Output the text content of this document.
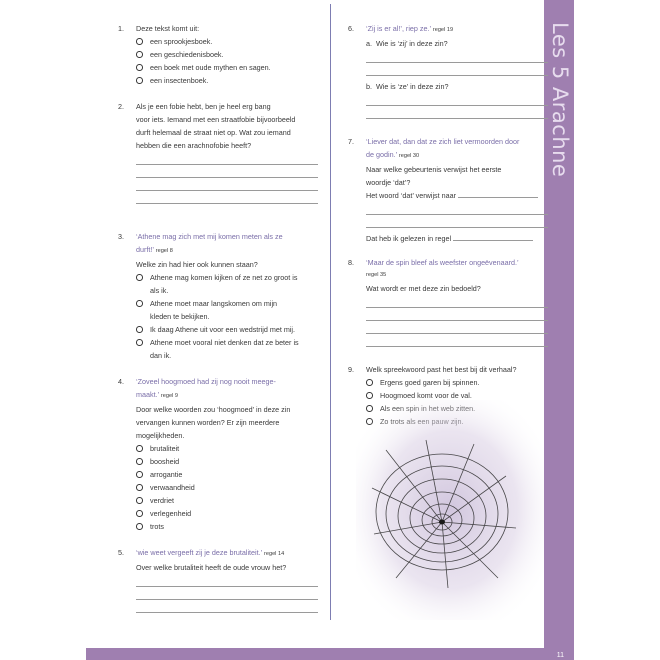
Les 5 Arachne
11
1. Deze tekst komt uit:
een sprookjesboek.
een geschiedenisboek.
een boek met oude mythen en sagen.
een insectenboek.
2. Als je een fobie hebt, ben je heel erg bang
voor iets. Iemand met een straatfobie bijvoorbeeld
durft helemaal de straat niet op. Wat zou iemand
hebben die een arachnofobie heeft?
3. ‘Athene mag zich met mij komen meten als ze
durft!’ regel 8
Welke zin had hier ook kunnen staan?
Athene mag komen kijken of ze net zo groot is
als ik.
Athene moet maar langskomen om mijn
kleden te bekijken.
Ik daag Athene uit voor een wedstrijd met mij.
Athene moet vooral niet denken dat ze beter is
dan ik.
4. ‘Zoveel hoogmoed had zij nog nooit meege-
maakt.’ regel 9
Door welke woorden zou ‘hoogmoed’ in deze zin
vervangen kunnen worden? Er zijn meerdere
mogelijkheden.
brutaliteit
boosheid
arrogantie
verwaandheid
verdriet
verlegenheid
trots
5. ‘wie weet vergeeft zij je deze brutaliteit.’ regel 14
Over welke brutaliteit heeft de oude vrouw het?
6. ‘Zij is er al!’, riep ze.’ regel 19
a. Wie is ‘zij’ in deze zin?
b. Wie is ‘ze’ in deze zin?
7. ‘Liever dat, dan dat ze zich liet vermoorden door
de godin.’ regel 30
Naar welke gebeurtenis verwijst het eerste
woordje ‘dat’?
Het woord ‘dat’ verwijst naar
Dat heb ik gelezen in regel
8. ‘Maar de spin bleef als weefster ongeëvenaard.’
regel 35
Wat wordt er met deze zin bedoeld?
9. Welk spreekwoord past het best bij dit verhaal?
Ergens goed garen bij spinnen.
Hoogmoed komt voor de val.
